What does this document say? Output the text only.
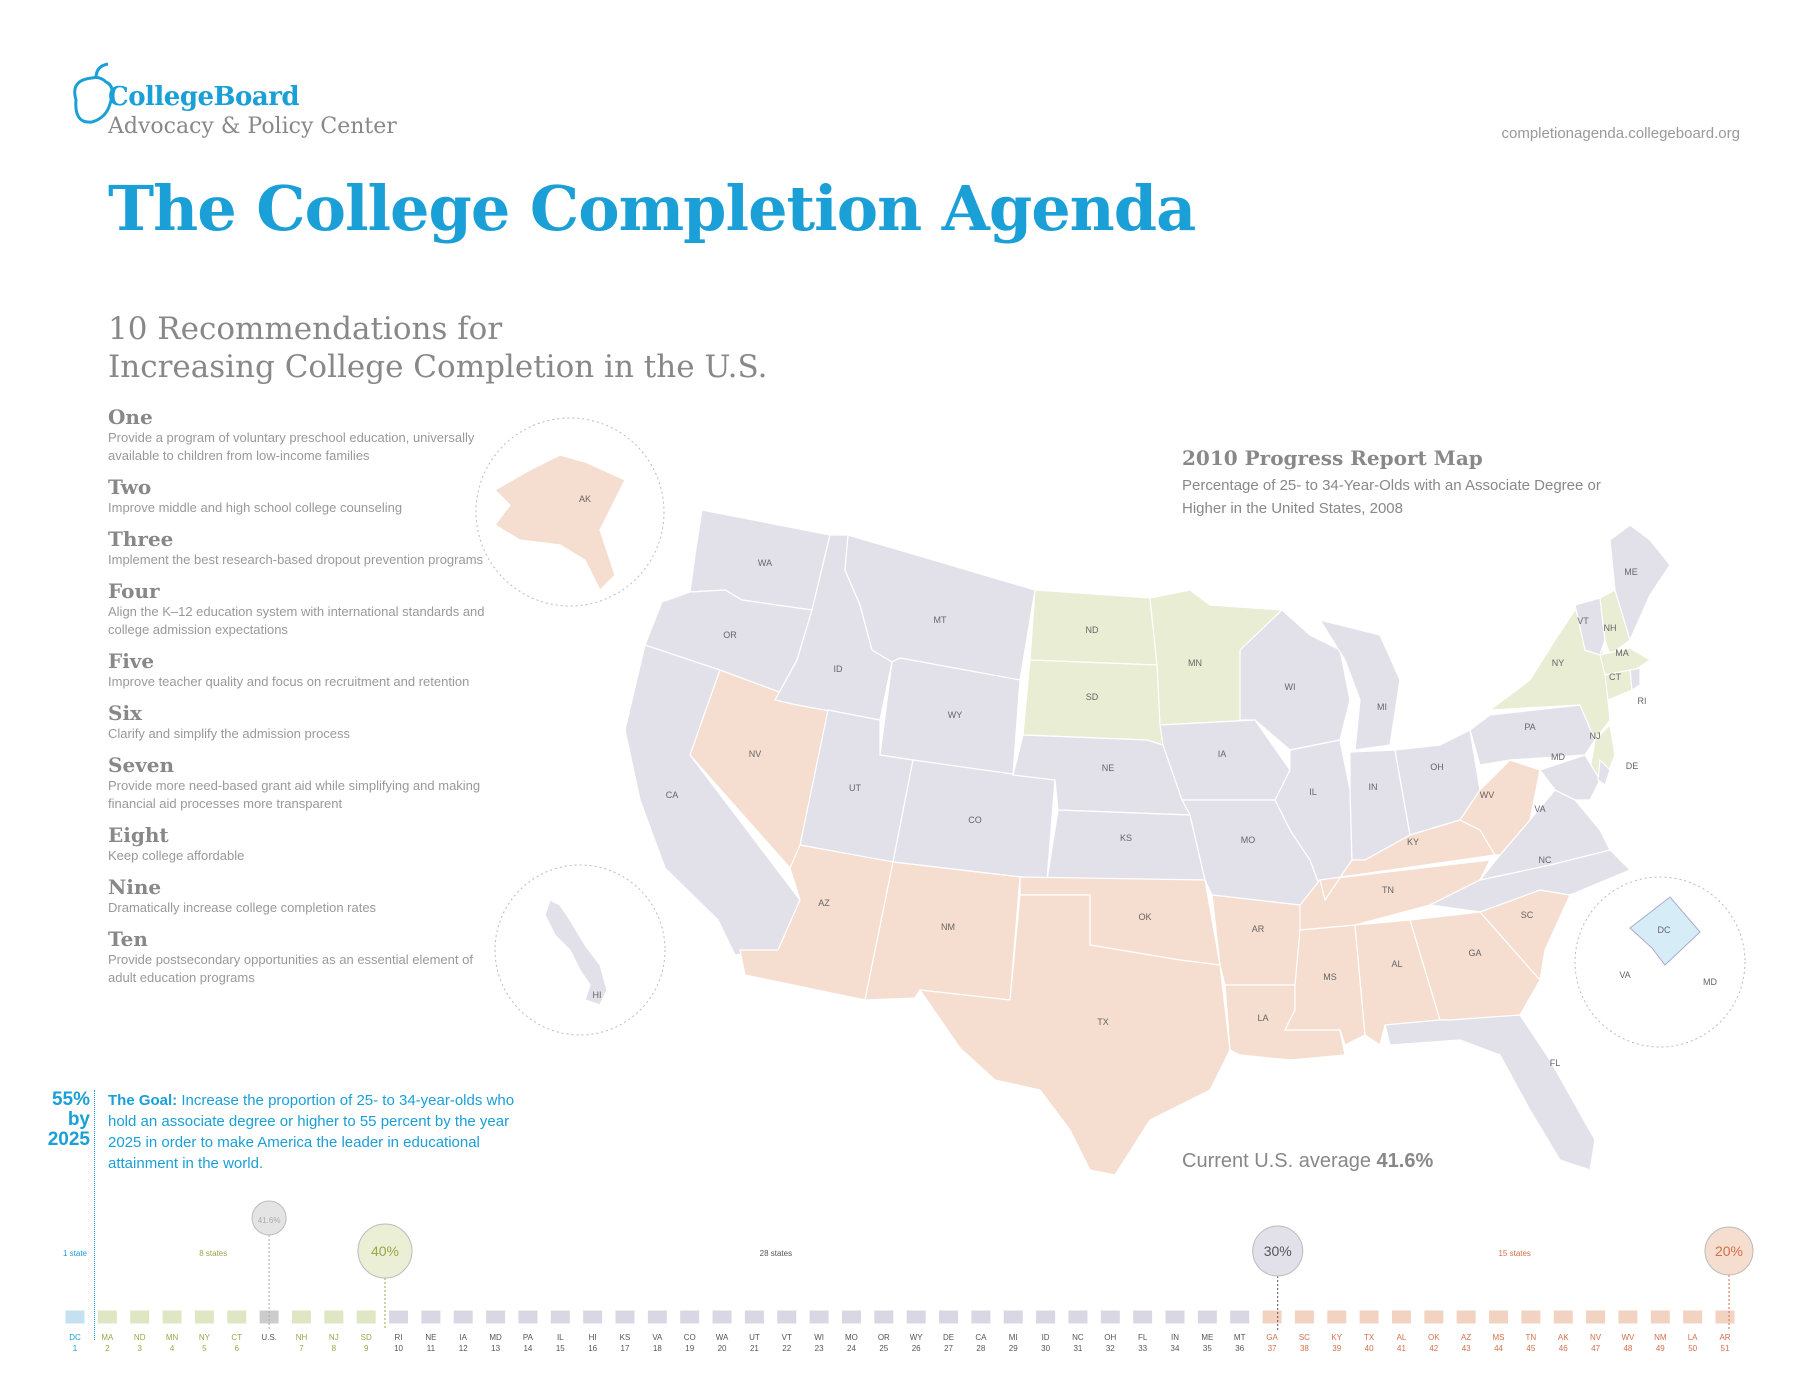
CollegeBoard
Advocacy & Policy Center	completionagenda.collegeboard.org
The College Completion Agenda
10 Recommendations for
Increasing College Completion in the U.S.
One
Provide a program of voluntary preschool education, universally available to children from low-income families
Two
Improve middle and high school college counseling
Three
Implement the best research-based dropout prevention programs
Four
Align the K–12 education system with international standards and college admission expectations
Five
Improve teacher quality and focus on recruitment and retention
Six
Clarify and simplify the admission process
Seven
Provide more need-based grant aid while simplifying and making financial aid processes more transparent
Eight
Keep college affordable
Nine
Dramatically increase college completion rates
Ten
Provide postsecondary opportunities as an essential element of adult education programs
55%
by
2025
The Goal: Increase the proportion of 25- to 34-year-olds who hold an associate degree or higher to 55 percent by the year 2025 in order to make America the leader in educational attainment in the world.
2010 Progress Report Map
Percentage of 25- to 34-Year-Olds with an Associate Degree or Higher in the United States, 2008
Current U.S. average 41.6%
AK
HI
DC
VA
MD
WA
OR
CA
NV
ID
MT
WY
UT
CO
AZ
NM
ND
SD
NE
KS
OK
TX
MN
IA
MO
WI
IL
MI
IN
OH
AR
LA
MS
AL
TN
KY
GA
SC
FL
NC
VA
WV
PA
NY
NJ
MD
DE
VT
NH
ME
MA
CT
RI
DC
1
MA
2
ND
3
MN
4
NY
5
CT
6
U.S. NH
7
NJ
8
SD
9
RI
10
NE
11
IA
12
MD
13
PA
14
IL
15
HI
16
KS
17
VA
18
CO
19
WA
20
UT
21
VT
22
WI
23
MO
24
OR
25
WY
26
DE
27
CA
28
MI
29
ID
30
NC
31
OH
32
FL
33
IN
34
ME
35
MT
36
GA
37
SC
38
KY
39
TX
40
AL
41
OK
42
AZ
43
MS
44
TN
45
AK
46
NV
47
WV
48
NM
49
LA
50
AR
51
1 state	8 states	28 states	15 states
41.6%
40%	30%	20%
